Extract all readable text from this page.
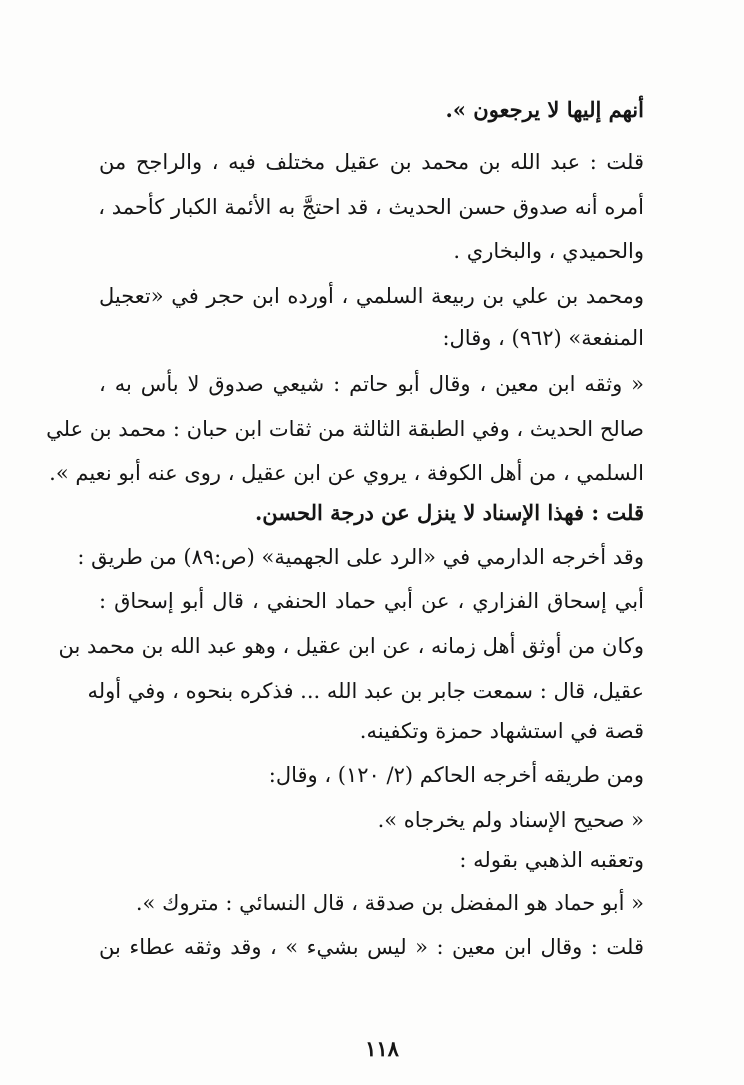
أنهم إليها لا يرجعون ».

قلت : عبد الله بن محمد بن عقيل مختلف فيه ، والراجح من

أمره أنه صدوق حسن الحديث ، قد احتجَّ به الأئمة الكبار كأحمد ،

والحميدي ، والبخاري .

ومحمد بن علي بن ربيعة السلمي ، أورده ابن حجر في «تعجيل

المنفعة» (٩٦٢) ، وقال:

« وثقه ابن معين ، وقال أبو حاتم : شيعي صدوق لا بأس به ،

صالح الحديث ، وفي الطبقة الثالثة من ثقات ابن حبان : محمد بن علي

السلمي ، من أهل الكوفة ، يروي عن ابن عقيل ، روى عنه أبو نعيم ».

قلت : فهذا الإسناد لا ينزل عن درجة الحسن.

وقد أخرجه الدارمي في «الرد على الجهمية» (ص:٨٩) من طريق :

أبي إسحاق الفزاري ، عن أبي حماد الحنفي ، قال أبو إسحاق :

وكان من أوثق أهل زمانه ، عن ابن عقيل ، وهو عبد الله بن محمد بن

عقيل، قال : سمعت جابر بن عبد الله ... فذكره بنحوه ، وفي أوله

قصة في استشهاد حمزة وتكفينه.

ومن طريقه أخرجه الحاكم (٢/ ١٢٠) ، وقال:

« صحيح الإسناد ولم يخرجاه ».

وتعقبه الذهبي بقوله :

« أبو حماد هو المفضل بن صدقة ، قال النسائي : متروك ».

قلت : وقال ابن معين : « ليس بشيء » ، وقد وثقه عطاء بن

١١٨
